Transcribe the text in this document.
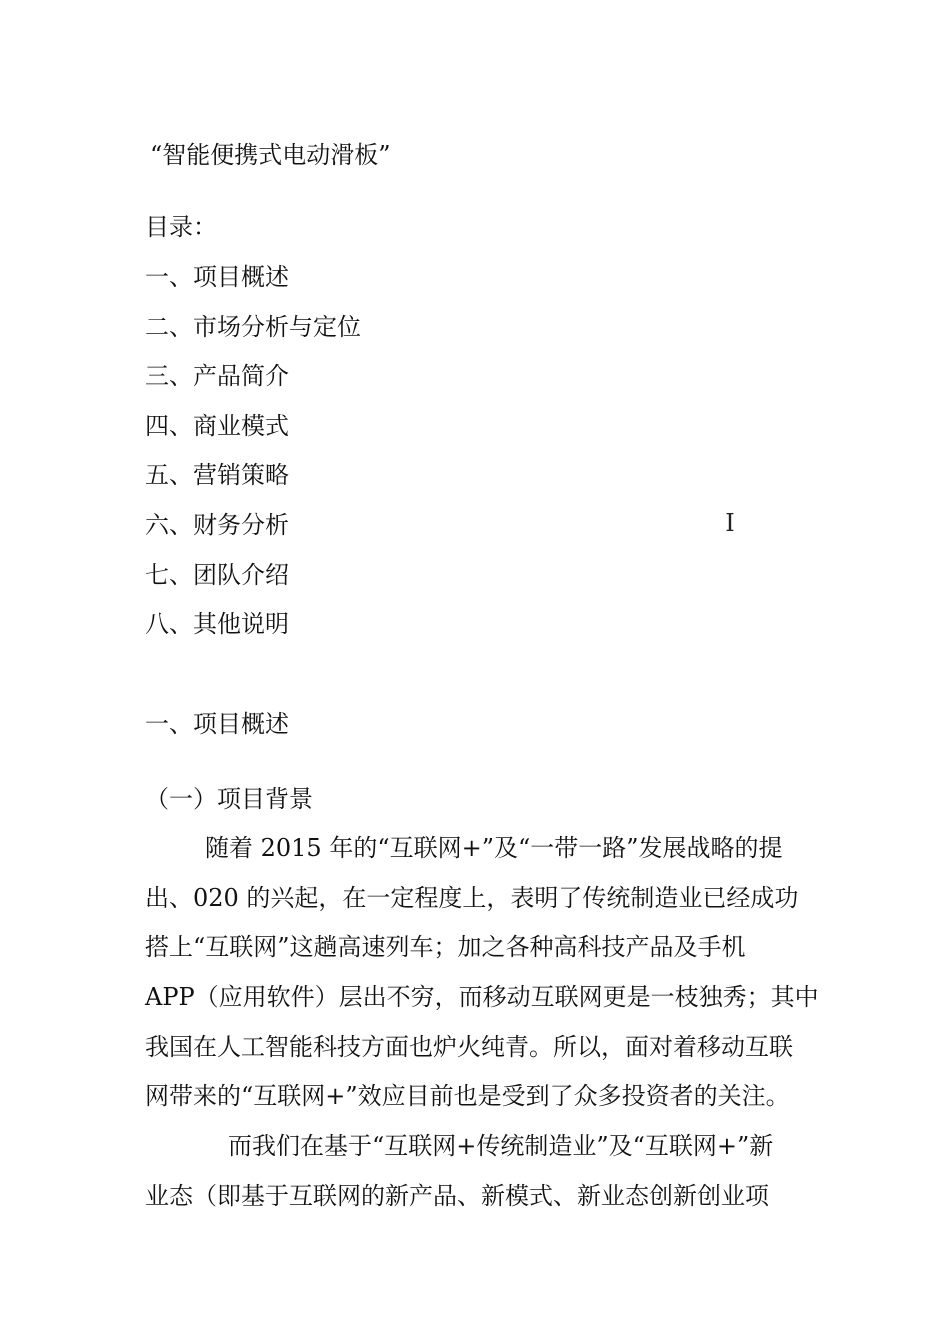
“智能便携式电动滑板”
目录：
一、项目概述
二、市场分析与定位
三、产品简介
四、商业模式
五、营销策略
六、财务分析
七、团队介绍
八、其他说明
I
一、项目概述
（一）项目背景
随着 2015 年的“互联网+”及“一带一路”发展战略的提
出、020 的兴起，在一定程度上，表明了传统制造业已经成功
搭上“互联网”这趟高速列车；加之各种高科技产品及手机
APP（应用软件）层出不穷，而移动互联网更是一枝独秀；其中
我国在人工智能科技方面也炉火纯青。所以，面对着移动互联
网带来的“互联网+”效应目前也是受到了众多投资者的关注。
而我们在基于“互联网+传统制造业”及“互联网+”新
业态（即基于互联网的新产品、新模式、新业态创新创业项
